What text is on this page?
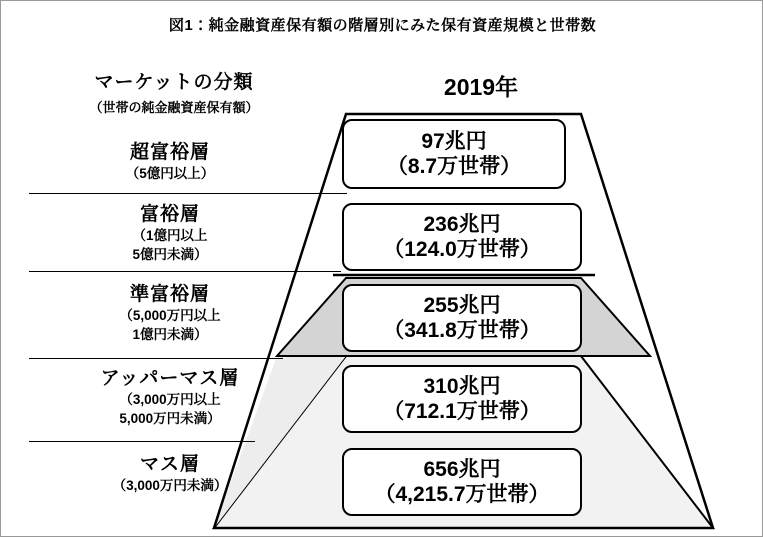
図1：純金融資産保有額の階層別にみた保有資産規模と世帯数
マーケットの分類
（世帯の純金融資産保有額）
2019年
超富裕層
（5億円以上）
97兆円
（8.7万世帯）
富裕層
（1億円以上
5億円未満）
236兆円
（124.0万世帯）
準富裕層
（5,000万円以上
1億円未満）
255兆円
（341.8万世帯）
アッパーマス層
（3,000万円以上
5,000万円未満）
310兆円
（712.1万世帯）
マス層
（3,000万円未満）
656兆円
（4,215.7万世帯）
